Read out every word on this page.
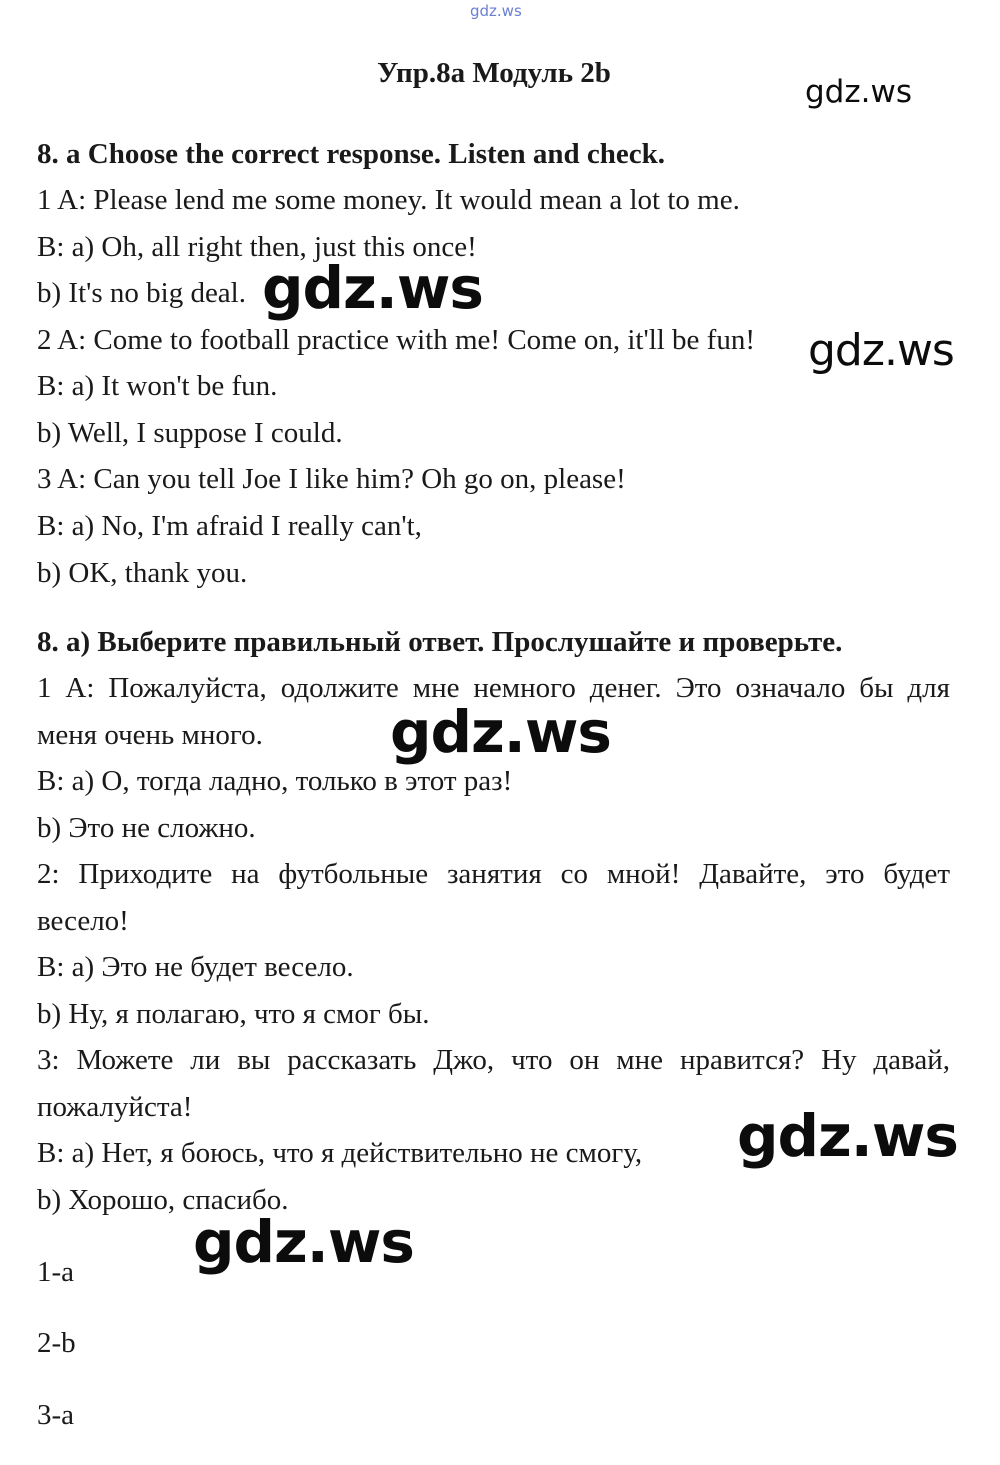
gdz.ws
gdz.ws
gdz.ws
gdz.ws
gdz.ws
gdz.ws
gdz.ws
Упр.8а Модуль 2b
8. a Choose the correct response. Listen and check.
1 A: Please lend me some money. It would mean a lot to me.
B: a) Oh, all right then, just this once!
b) It's no big deal.
2 A: Come to football practice with me! Come on, it'll be fun!
B: a) It won't be fun.
b) Well, I suppose I could.
3 A: Can you tell Joe I like him? Oh go on, please!
B: a) No, I'm afraid I really can't,
b) OK, thank you.
8. а) Выберите правильный ответ. Прослушайте и проверьте.
1 А: Пожалуйста, одолжите мне немного денег. Это означало бы для
меня очень много.
В: а) О, тогда ладно, только в этот раз!
b) Это не сложно.
2: Приходите на футбольные занятия со мной! Давайте, это будет
весело!
В: а) Это не будет весело.
b) Ну, я полагаю, что я смог бы.
3: Можете ли вы рассказать Джо, что он мне нравится? Ну давай,
пожалуйста!
В: а) Нет, я боюсь, что я действительно не смогу,
b) Хорошо, спасибо.
1-a
2-b
3-a
